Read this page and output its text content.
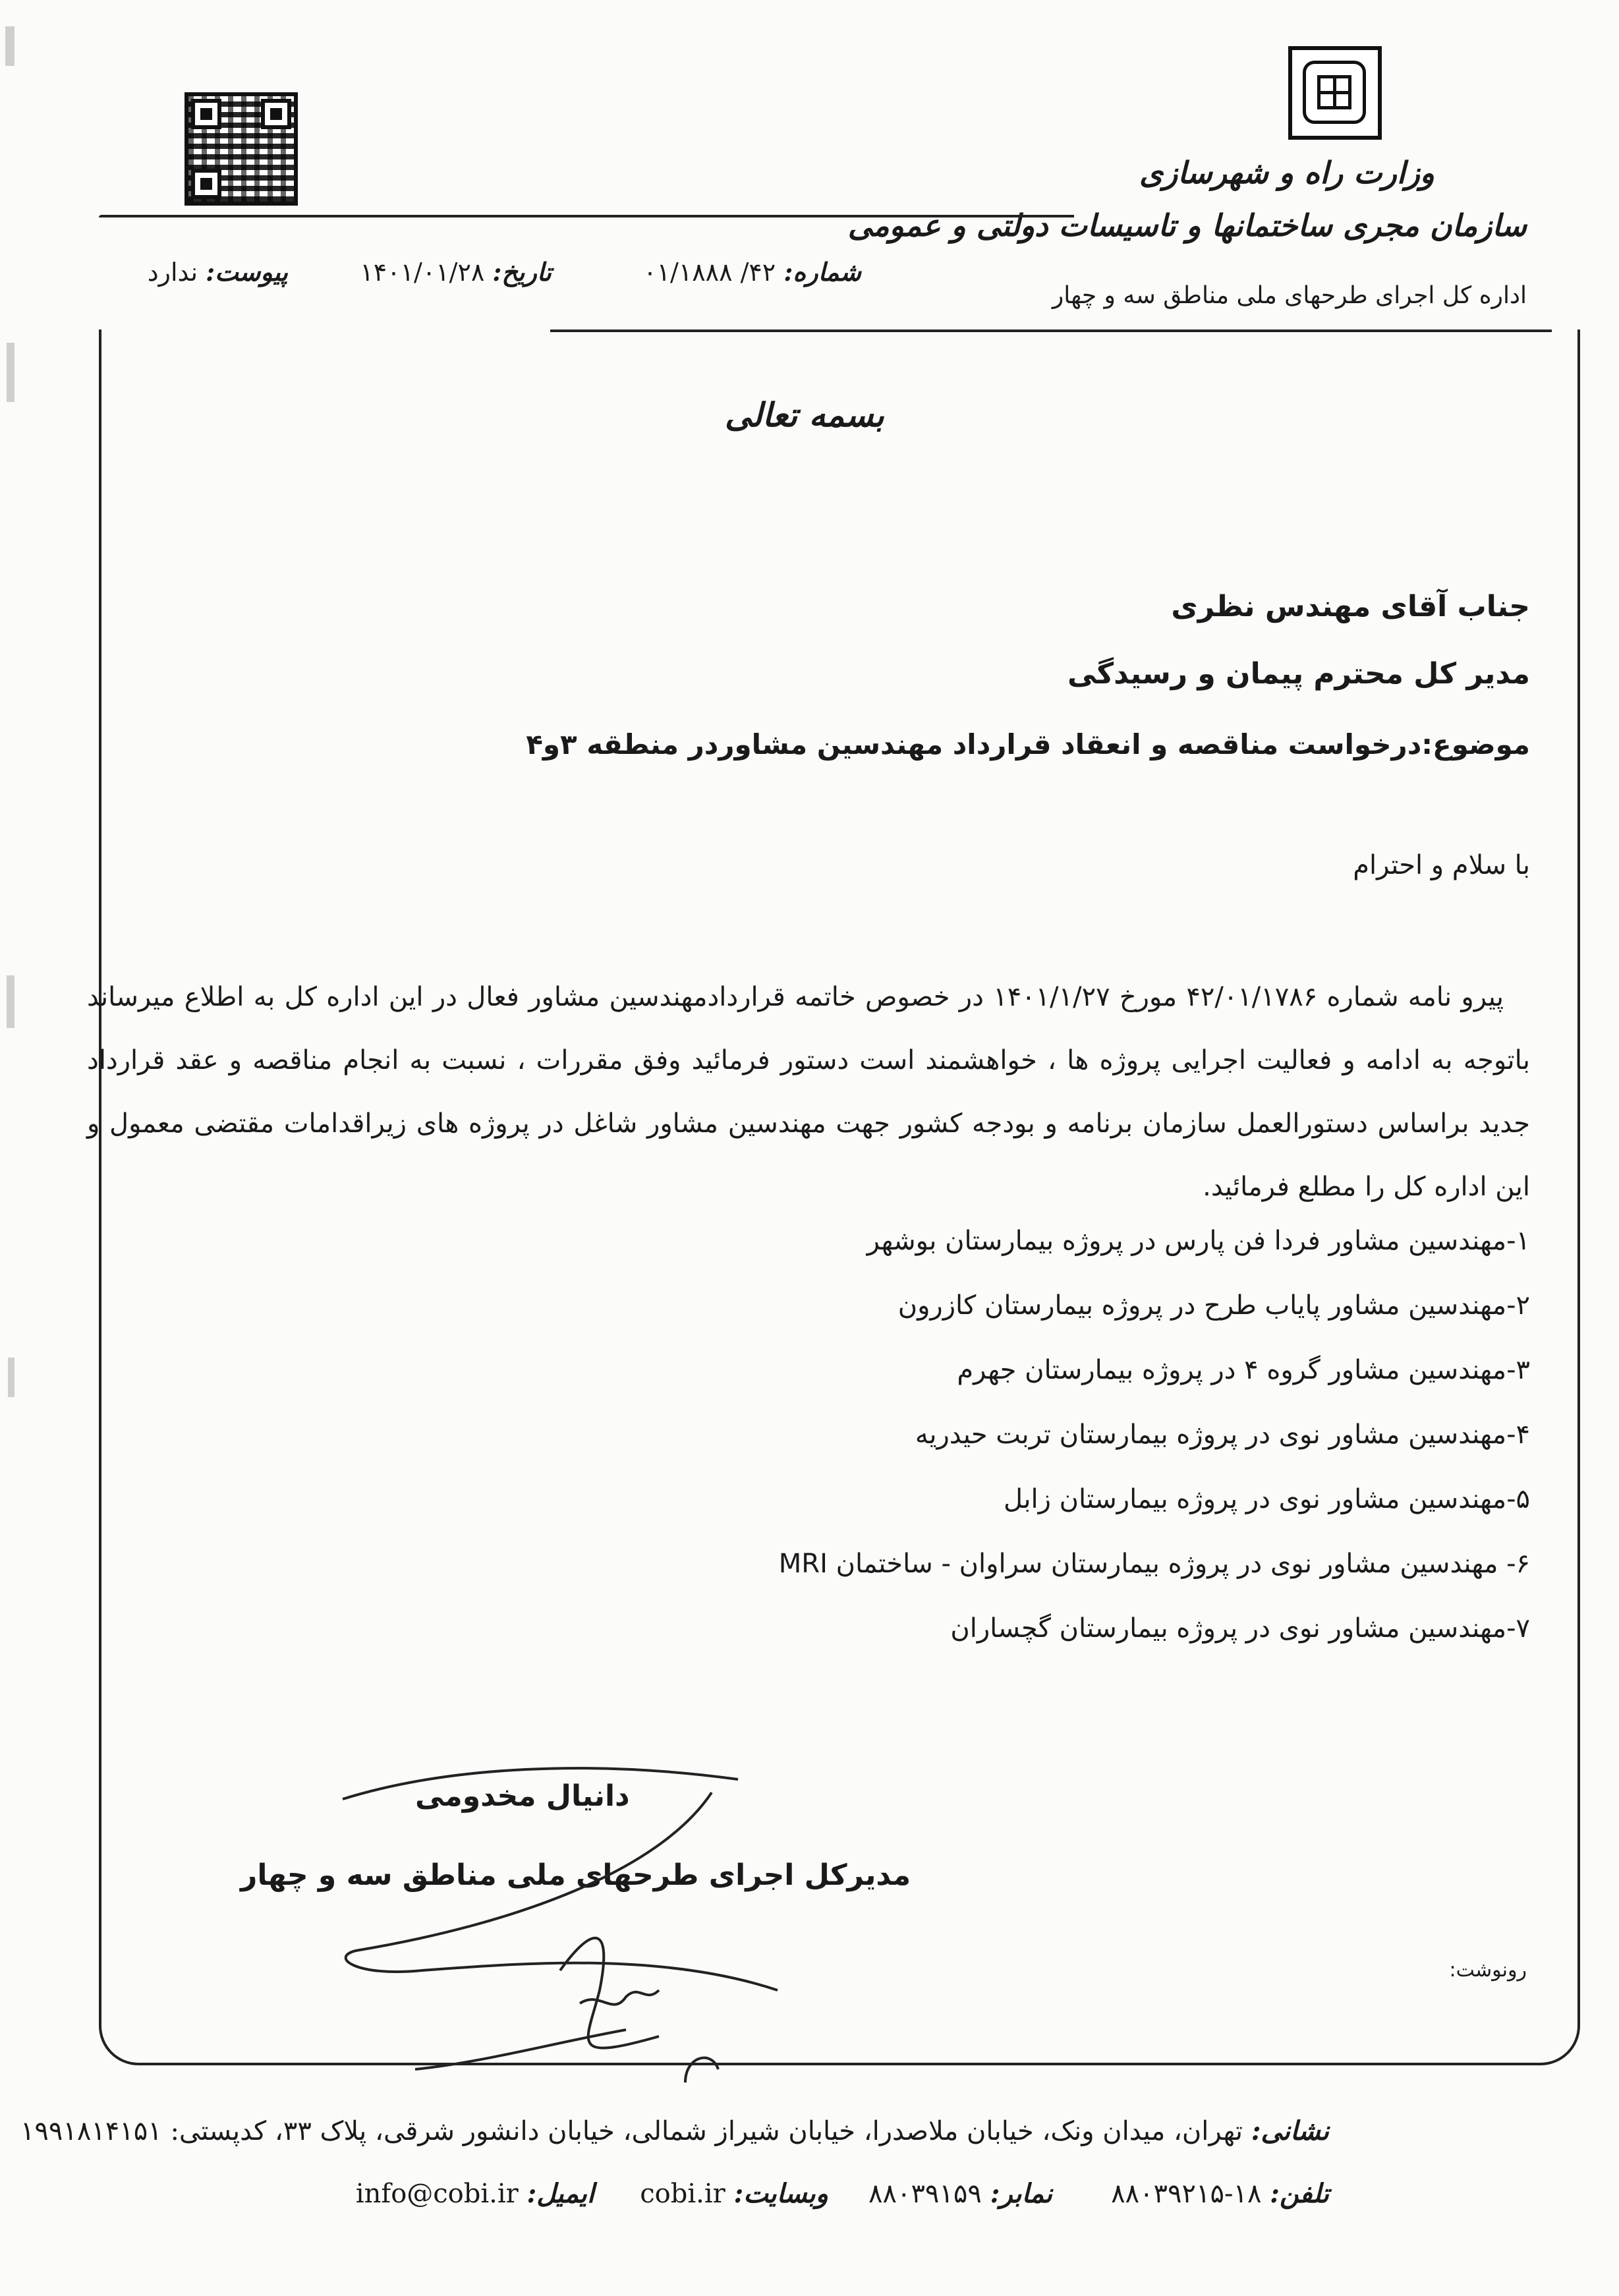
وزارت راه و شهرسازی
سازمان مجری ساختمانها و تاسیسات دولتی و عمومی
اداره کل اجرای طرحهای ملی مناطق سه و چهار
شماره: ۴۲/ ۰۱/۱۸۸۸
تاریخ: ۱۴۰۱/۰۱/۲۸
پیوست: ندارد
بسمه تعالی
جناب آقای مهندس نظری
مدیر کل محترم پیمان و رسیدگی
موضوع:درخواست مناقصه و انعقاد قرارداد مهندسین مشاوردر منطقه ۳و۴
با سلام و احترام
پیرو نامه شماره ۴۲/۰۱/۱۷۸۶ مورخ ۱۴۰۱/۱/۲۷ در خصوص خاتمه قراردادمهندسین مشاور فعال در این اداره کل به اطلاع میرساند باتوجه به ادامه و فعالیت اجرایی پروژه ها ، خواهشمند است دستور فرمائید وفق مقررات ، نسبت به انجام مناقصه و عقد قرارداد جدید براساس دستورالعمل سازمان برنامه و بودجه کشور جهت مهندسین مشاور شاغل در پروژه های زیراقدامات مقتضی معمول و این اداره کل را مطلع فرمائید.
۱-مهندسین مشاور فردا فن پارس در پروژه بیمارستان بوشهر
۲-مهندسین مشاور پایاب طرح در پروژه بیمارستان کازرون
۳-مهندسین مشاور گروه ۴ در پروژه بیمارستان جهرم
۴-مهندسین مشاور نوی در پروژه بیمارستان تربت حیدریه
۵-مهندسین مشاور نوی در پروژه بیمارستان زابل
۶- مهندسین مشاور نوی در پروژه بیمارستان سراوان - ساختمان MRI
۷-مهندسین مشاور نوی در پروژه بیمارستان گچساران
دانیال مخدومی
مدیرکل اجرای طرحهای ملی مناطق سه و چهار
رونوشت:
نشانی: تهران، میدان ونک، خیابان ملاصدرا، خیابان شیراز شمالی، خیابان دانشور شرقی، پلاک ۳۳، کدپستی: ۱۹۹۱۸۱۴۱۵۱
تلفن: ۱۸-۸۸۰۳۹۲۱۵
نمابر: ۸۸۰۳۹۱۵۹
وبسایت: cobi.ir
ایمیل: info@cobi.ir
